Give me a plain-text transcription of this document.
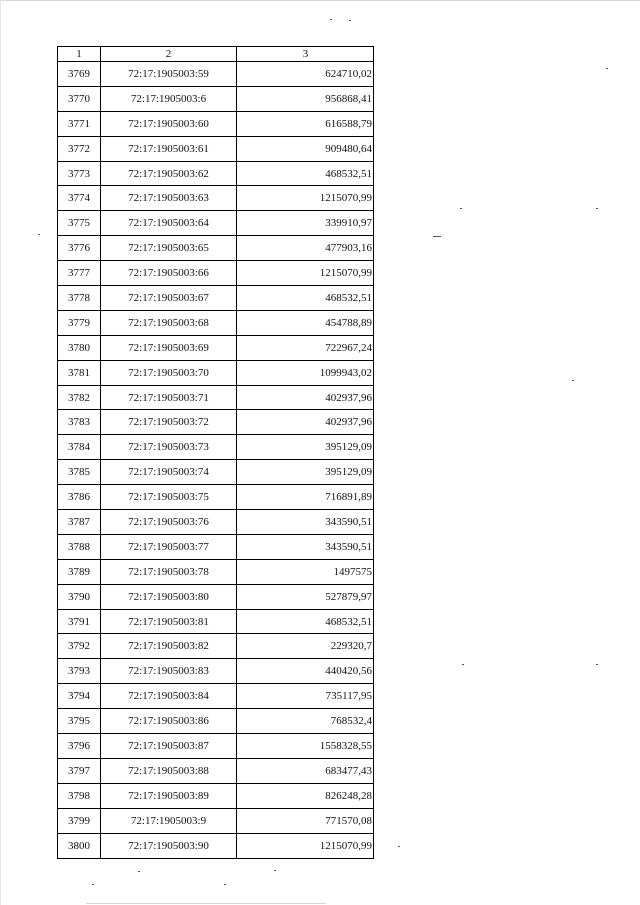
1	2	3
3769	72:17:1905003:59	624710,02
3770	72:17:1905003:6	956868,41
3771	72:17:1905003:60	616588,79
3772	72:17:1905003:61	909480,64
3773	72:17:1905003:62	468532,51
3774	72:17:1905003:63	1215070,99
3775	72:17:1905003:64	339910,97
3776	72:17:1905003:65	477903,16
3777	72:17:1905003:66	1215070,99
3778	72:17:1905003:67	468532,51
3779	72:17:1905003:68	454788,89
3780	72:17:1905003:69	722967,24
3781	72:17:1905003:70	1099943,02
3782	72:17:1905003:71	402937,96
3783	72:17:1905003:72	402937,96
3784	72:17:1905003:73	395129,09
3785	72:17:1905003:74	395129,09
3786	72:17:1905003:75	716891,89
3787	72:17:1905003:76	343590,51
3788	72:17:1905003:77	343590,51
3789	72:17:1905003:78	1497575
3790	72:17:1905003:80	527879,97
3791	72:17:1905003:81	468532,51
3792	72:17:1905003:82	229320,7
3793	72:17:1905003:83	440420,56
3794	72:17:1905003:84	735117,95
3795	72:17:1905003:86	768532,4
3796	72:17:1905003:87	1558328,55
3797	72:17:1905003:88	683477,43
3798	72:17:1905003:89	826248,28
3799	72:17:1905003:9	771570,08
3800	72:17:1905003:90	1215070,99
